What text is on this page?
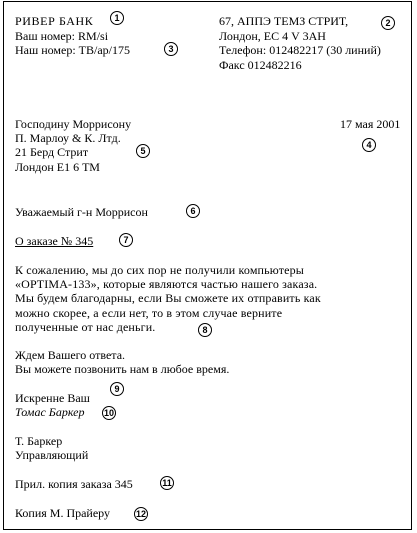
РИВЕР БАНК
Ваш номер: RM/si
Наш номер: TB/ap/175
67, АППЭ ТЕМЗ СТРИТ,
Лондон, ЕС 4 V 3АН
Телефон: 012482217 (30 линий)
Факс 012482216
Господину Моррисону
П. Марлоу & К. Лтд.
21 Берд Стрит
Лондон Е1 6 ТМ
17 мая 2001
Уважаемый г-н Моррисон
О заказе № 345
К сожалению, мы до сих пор не получили компьютеры
«OPTIMA-133», которые являются частью нашего заказа.
Мы будем благодарны, если Вы сможете их отправить как
можно скорее, а если нет, то в этом случае верните
полученные от нас деньги.
Ждем Вашего ответа.
Вы можете позвонить нам в любое время.
Искренне Ваш
Томас Баркер
Т. Баркер
Управляющий
Прил. копия заказа 345
Копия М. Прайеру
1	2
3
4
5
6
7
8
9
10
11
12
